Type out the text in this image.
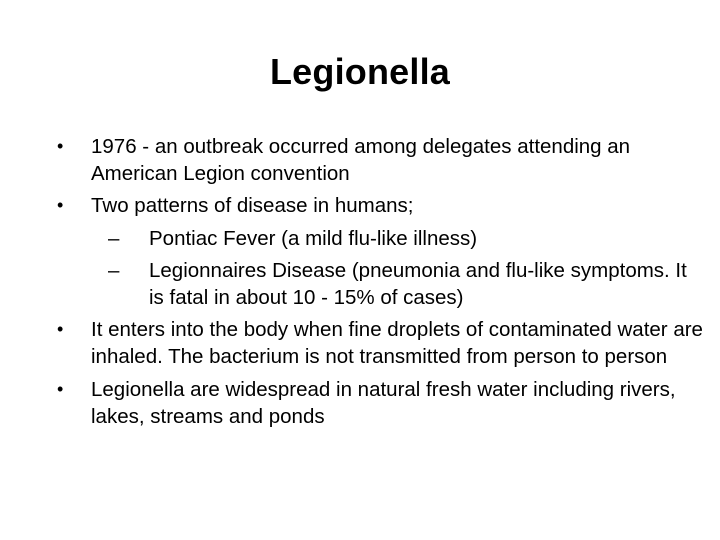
Legionella
• 1976 - an outbreak occurred among delegates attending an American Legion convention
• Two patterns of disease in humans;
– Pontiac Fever (a mild flu-like illness)
– Legionnaires Disease (pneumonia and flu-like symptoms. It is fatal in about 10 - 15% of cases)
• It enters into the body when fine droplets of contaminated water are inhaled. The bacterium is not transmitted from person to person
• Legionella are widespread in natural fresh water including rivers, lakes, streams and ponds
